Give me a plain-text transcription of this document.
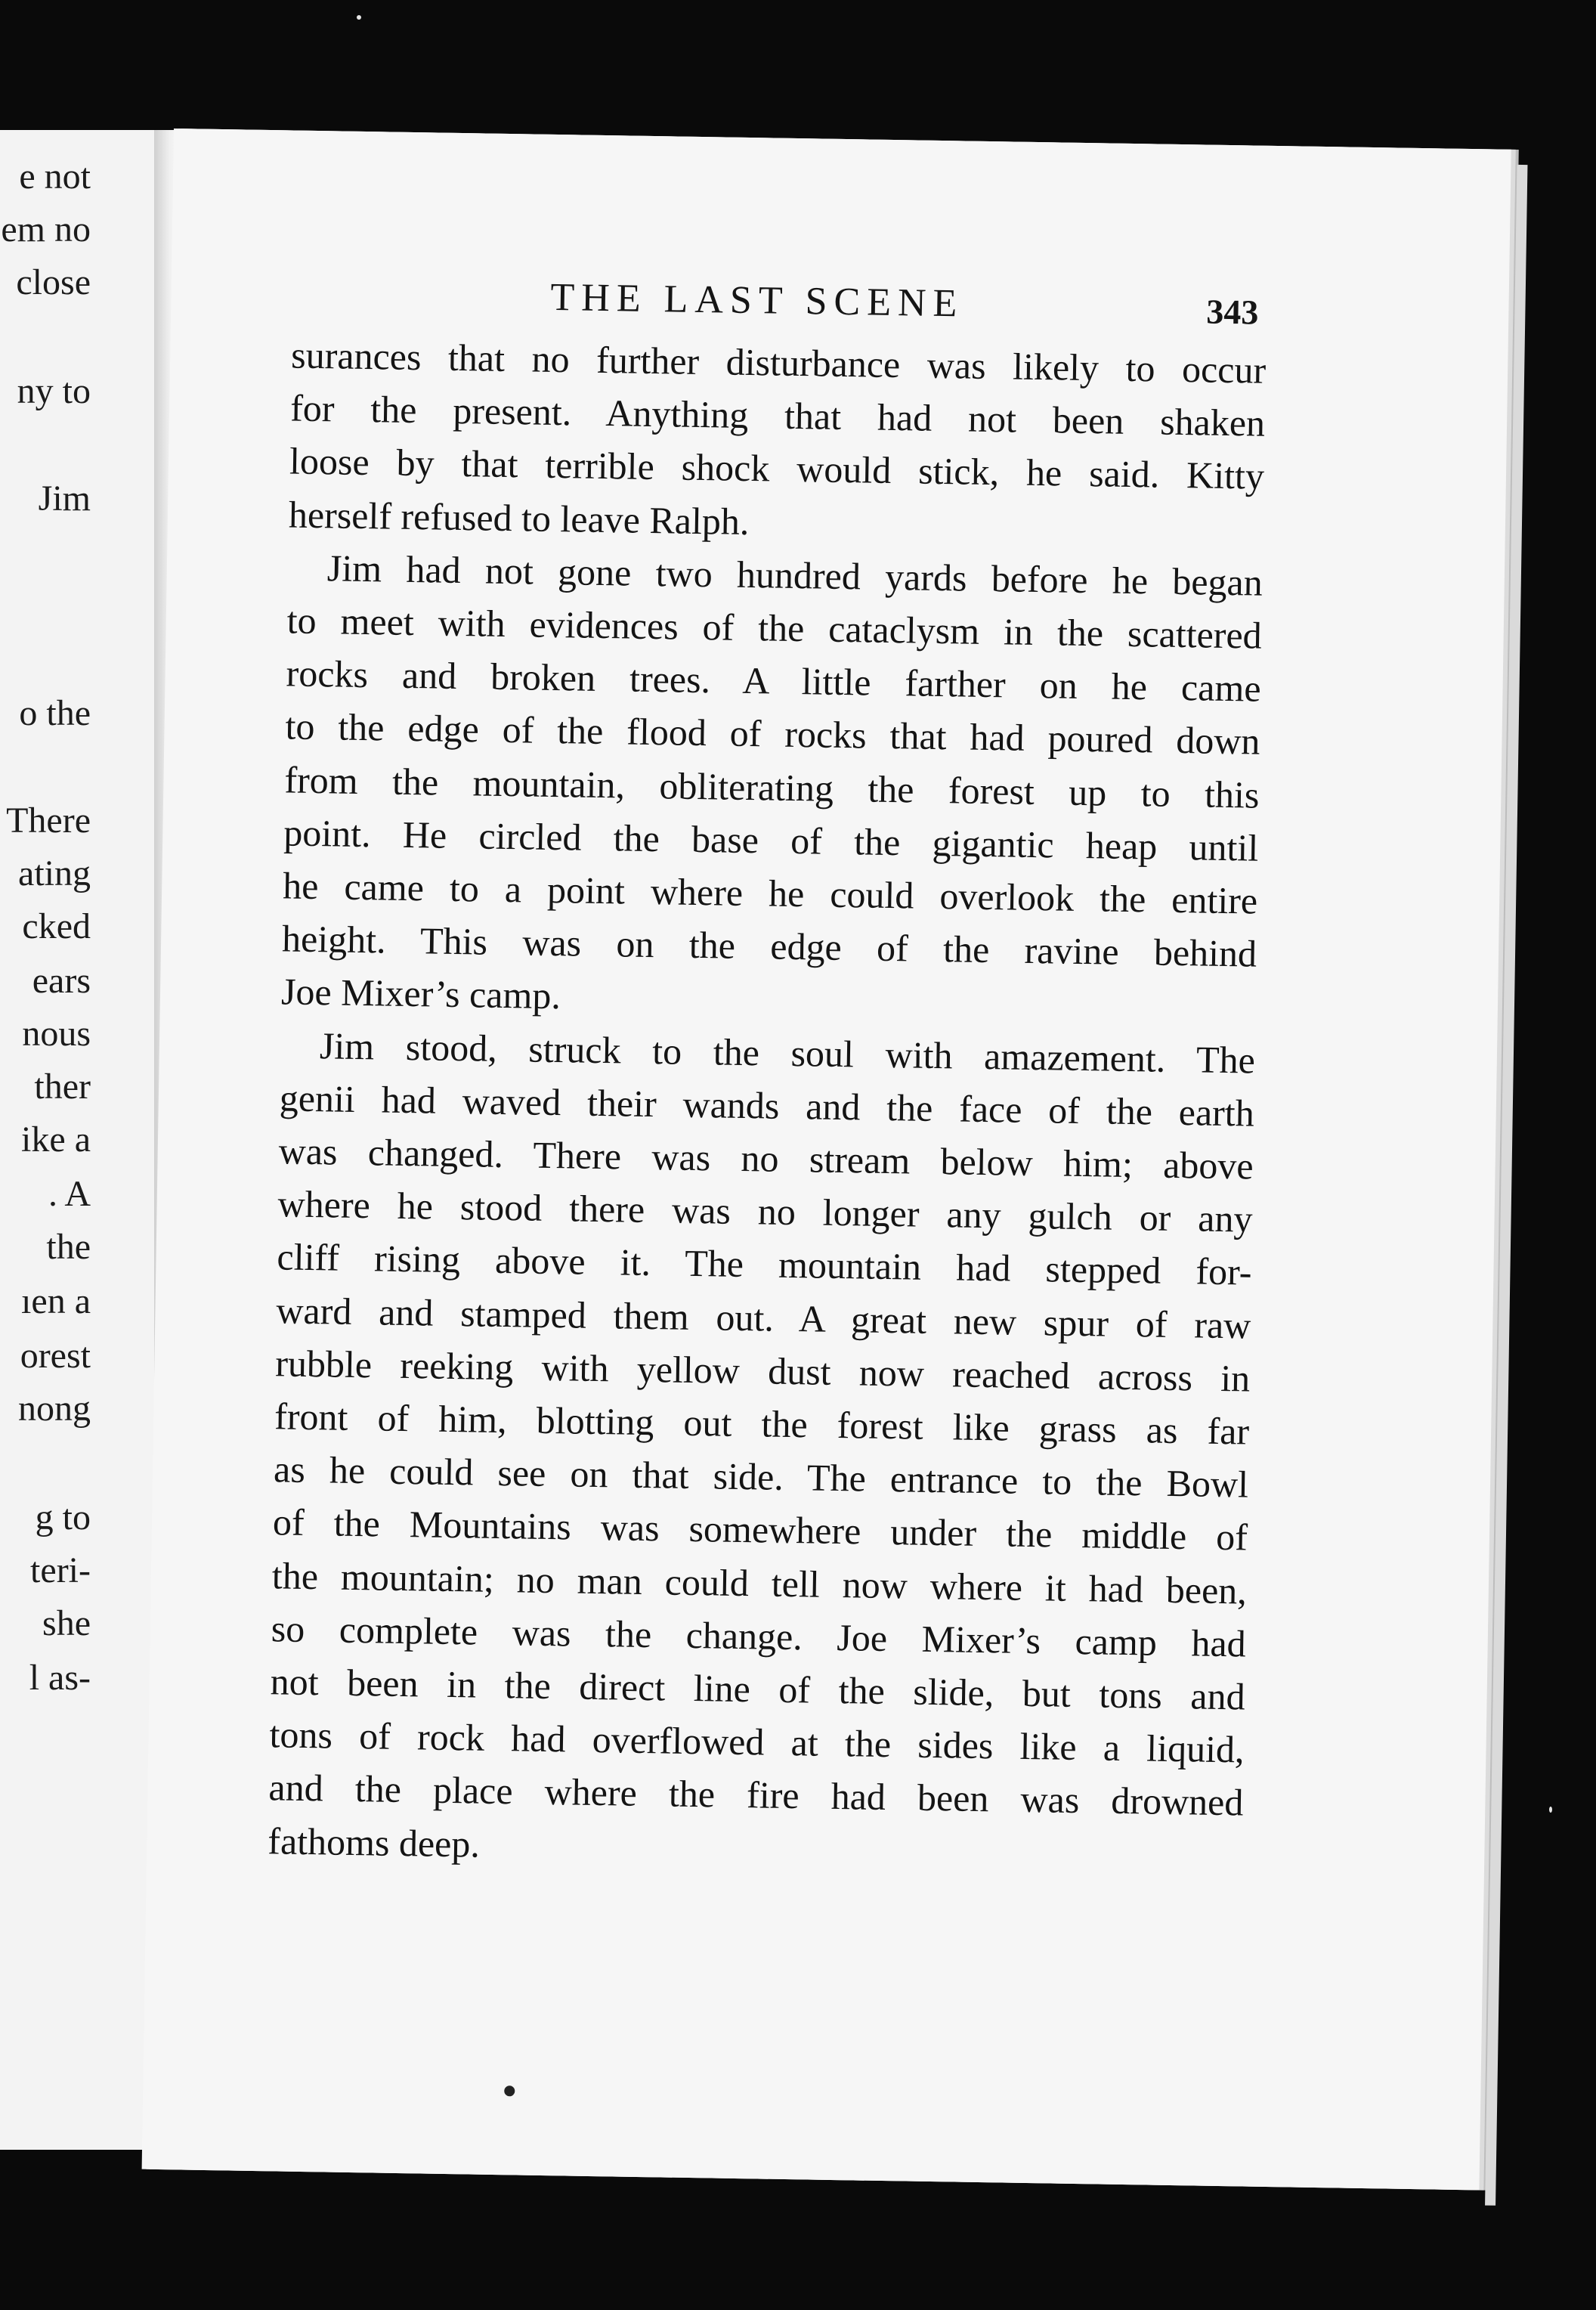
e not
em no
close
ny to
Jim
o the
There
ating
cked
ears
nous
ther
ike a
. A
the
ıen a
orest
nong
g to
teri-
she
l as-
THE LAST SCENE	343
surances that no further disturbance was likely to occur
for the present. Anything that had not been shaken
loose by that terrible shock would stick, he said. Kitty
herself refused to leave Ralph.
Jim had not gone two hundred yards before he began
to meet with evidences of the cataclysm in the scattered
rocks and broken trees. A little farther on he came
to the edge of the flood of rocks that had poured down
from the mountain, obliterating the forest up to this
point. He circled the base of the gigantic heap until
he came to a point where he could overlook the entire
height. This was on the edge of the ravine behind
Joe Mixer’s camp.
Jim stood, struck to the soul with amazement. The
genii had waved their wands and the face of the earth
was changed. There was no stream below him; above
where he stood there was no longer any gulch or any
cliff rising above it. The mountain had stepped for-
ward and stamped them out. A great new spur of raw
rubble reeking with yellow dust now reached across in
front of him, blotting out the forest like grass as far
as he could see on that side. The entrance to the Bowl
of the Mountains was somewhere under the middle of
the mountain; no man could tell now where it had been,
so complete was the change. Joe Mixer’s camp had
not been in the direct line of the slide, but tons and
tons of rock had overflowed at the sides like a liquid,
and the place where the fire had been was drowned
fathoms deep.
